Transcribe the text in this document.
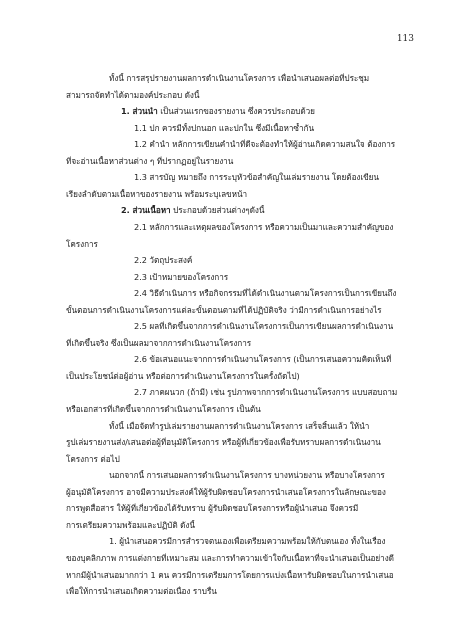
113
ทั้งนี้ การสรุปรายงานผลการดำเนินงานโครงการ เพื่อนำเสนอผลต่อที่ประชุม
สามารถจัดทำได้ตามองค์ประกอบ ดังนี้
1. ส่วนนำ เป็นส่วนแรกของรายงาน ซึ่งควรประกอบด้วย
1.1 ปก ควรมีทั้งปกนอก และปกใน ซึ่งมีเนื้อหาซ้ำกัน
1.2 คำนำ หลักการเขียนคำนำที่ดีจะต้องทำให้ผู้อ่านเกิดความสนใจ ต้องการ
ที่จะอ่านเนื้อหาส่วนต่าง ๆ ที่ปรากฏอยู่ในรายงาน
1.3 สารบัญ หมายถึง การระบุหัวข้อสำคัญในเล่มรายงาน โดยต้องเขียน
เรียงลำดับตามเนื้อหาของรายงาน พร้อมระบุเลขหน้า
2. ส่วนเนื้อหา ประกอบด้วยส่วนต่างๆดังนี้
2.1 หลักการและเหตุผลของโครงการ หรือความเป็นมาและความสำคัญของ
โครงการ
2.2 วัตถุประสงค์
2.3 เป้าหมายของโครงการ
2.4 วิธีดำเนินการ หรือกิจกรรมที่ได้ดำเนินงานตามโครงการเป็นการเขียนถึง
ขั้นตอนการดำเนินงานโครงการแต่ละขั้นตอนตามที่ได้ปฏิบัติจริง ว่ามีการดำเนินการอย่างไร
2.5 ผลที่เกิดขึ้นจากการดำเนินงานโครงการเป็นการเขียนผลการดำเนินงาน
ที่เกิดขึ้นจริง ซึ่งเป็นผลมาจากการดำเนินงานโครงการ
2.6 ข้อเสนอแนะจากการดำเนินงานโครงการ (เป็นการเสนอความคิดเห็นที่
เป็นประโยชน์ต่อผู้อ่าน หรือต่อการดำเนินงานโครงการในครั้งถัดไป)
2.7 ภาคผนวก (ถ้ามี) เช่น รูปภาพจากการดำเนินงานโครงการ แบบสอบถาม
หรือเอกสารที่เกิดขึ้นจากการดำเนินงานโครงการ เป็นต้น
ทั้งนี้ เมื่อจัดทำรูปเล่มรายงานผลการดำเนินงานโครงการ เสร็จสิ้นแล้ว ให้นำ
รูปเล่มรายงานส่ง/เสนอต่อผู้ที่อนุมัติโครงการ หรือผู้ที่เกี่ยวข้องเพื่อรับทราบผลการดำเนินงาน
โครงการ ต่อไป
นอกจากนี้ การเสนอผลการดำเนินงานโครงการ บางหน่วยงาน หรือบางโครงการ
ผู้อนุมัติโครงการ อาจมีความประสงค์ให้ผู้รับผิดชอบโครงการนำเสนอโครงการในลักษณะของ
การพูดสื่อสาร ให้ผู้ที่เกี่ยวข้องได้รับทราบ ผู้รับผิดชอบโครงการหรือผู้นำเสนอ จึงควรมี
การเตรียมความพร้อมและปฏิบัติ ดังนี้
1. ผู้นำเสนอควรมีการสำรวจตนเองเพื่อเตรียมความพร้อมให้กับตนเอง ทั้งในเรื่อง
ของบุคลิกภาพ การแต่งกายที่เหมาะสม และการทำความเข้าใจกับเนื้อหาที่จะนำเสนอเป็นอย่างดี
หากมีผู้นำเสนอมากกว่า 1 คน ควรมีการเตรียมการโดยการแบ่งเนื้อหารับผิดชอบในการนำเสนอ
เพื่อให้การนำเสนอเกิดความต่อเนื่อง ราบรื่น
